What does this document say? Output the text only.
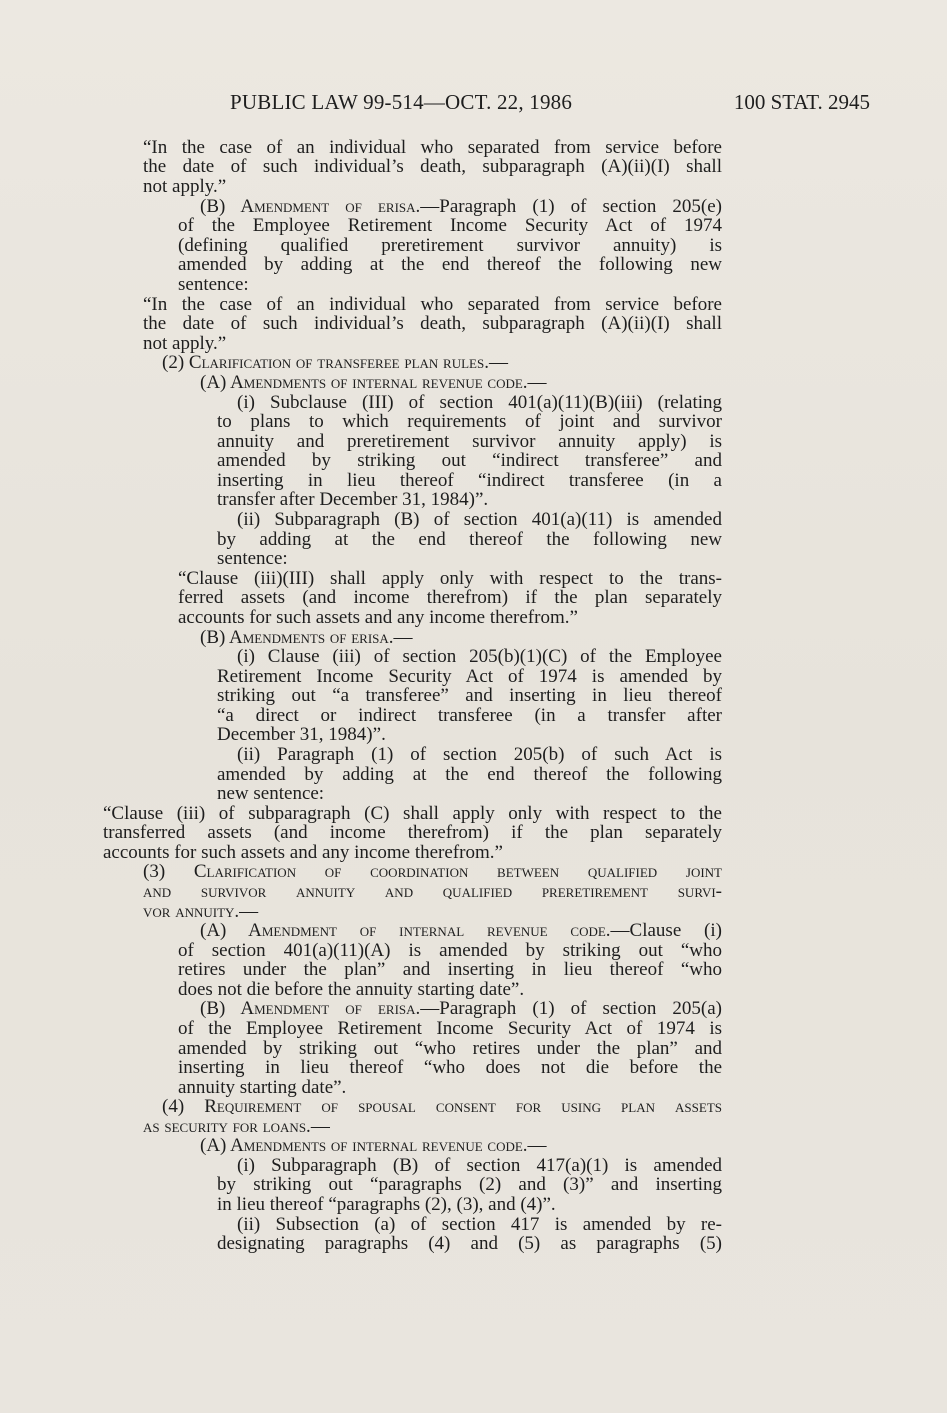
PUBLIC LAW 99-514—OCT. 22, 1986	100 STAT. 2945
“In the case of an individual who separated from service before
the date of such individual’s death, subparagraph (A)(ii)(I) shall
not apply.”
(B) Amendment of erisa.—Paragraph (1) of section 205(e)
of the Employee Retirement Income Security Act of 1974
(defining qualified preretirement survivor annuity) is
amended by adding at the end thereof the following new
sentence:
“In the case of an individual who separated from service before
the date of such individual’s death, subparagraph (A)(ii)(I) shall
not apply.”
(2) Clarification of transferee plan rules.—
(A) Amendments of internal revenue code.—
(i) Subclause (III) of section 401(a)(11)(B)(iii) (relating
to plans to which requirements of joint and survivor
annuity and preretirement survivor annuity apply) is
amended by striking out “indirect transferee” and
inserting in lieu thereof “indirect transferee (in a
transfer after December 31, 1984)”.
(ii) Subparagraph (B) of section 401(a)(11) is amended
by adding at the end thereof the following new
sentence:
“Clause (iii)(III) shall apply only with respect to the trans-
ferred assets (and income therefrom) if the plan separately
accounts for such assets and any income therefrom.”
(B) Amendments of erisa.—
(i) Clause (iii) of section 205(b)(1)(C) of the Employee
Retirement Income Security Act of 1974 is amended by
striking out “a transferee” and inserting in lieu thereof
“a direct or indirect transferee (in a transfer after
December 31, 1984)”.
(ii) Paragraph (1) of section 205(b) of such Act is
amended by adding at the end thereof the following
new sentence:
“Clause (iii) of subparagraph (C) shall apply only with respect to the
transferred assets (and income therefrom) if the plan separately
accounts for such assets and any income therefrom.”
(3) Clarification of coordination between qualified joint
and survivor annuity and qualified preretirement survi-
vor annuity.—
(A) Amendment of internal revenue code.—Clause (i)
of section 401(a)(11)(A) is amended by striking out “who
retires under the plan” and inserting in lieu thereof “who
does not die before the annuity starting date”.
(B) Amendment of erisa.—Paragraph (1) of section 205(a)
of the Employee Retirement Income Security Act of 1974 is
amended by striking out “who retires under the plan” and
inserting in lieu thereof “who does not die before the
annuity starting date”.
(4) Requirement of spousal consent for using plan assets
as security for loans.—
(A) Amendments of internal revenue code.—
(i) Subparagraph (B) of section 417(a)(1) is amended
by striking out “paragraphs (2) and (3)” and inserting
in lieu thereof “paragraphs (2), (3), and (4)”.
(ii) Subsection (a) of section 417 is amended by re-
designating paragraphs (4) and (5) as paragraphs (5)
